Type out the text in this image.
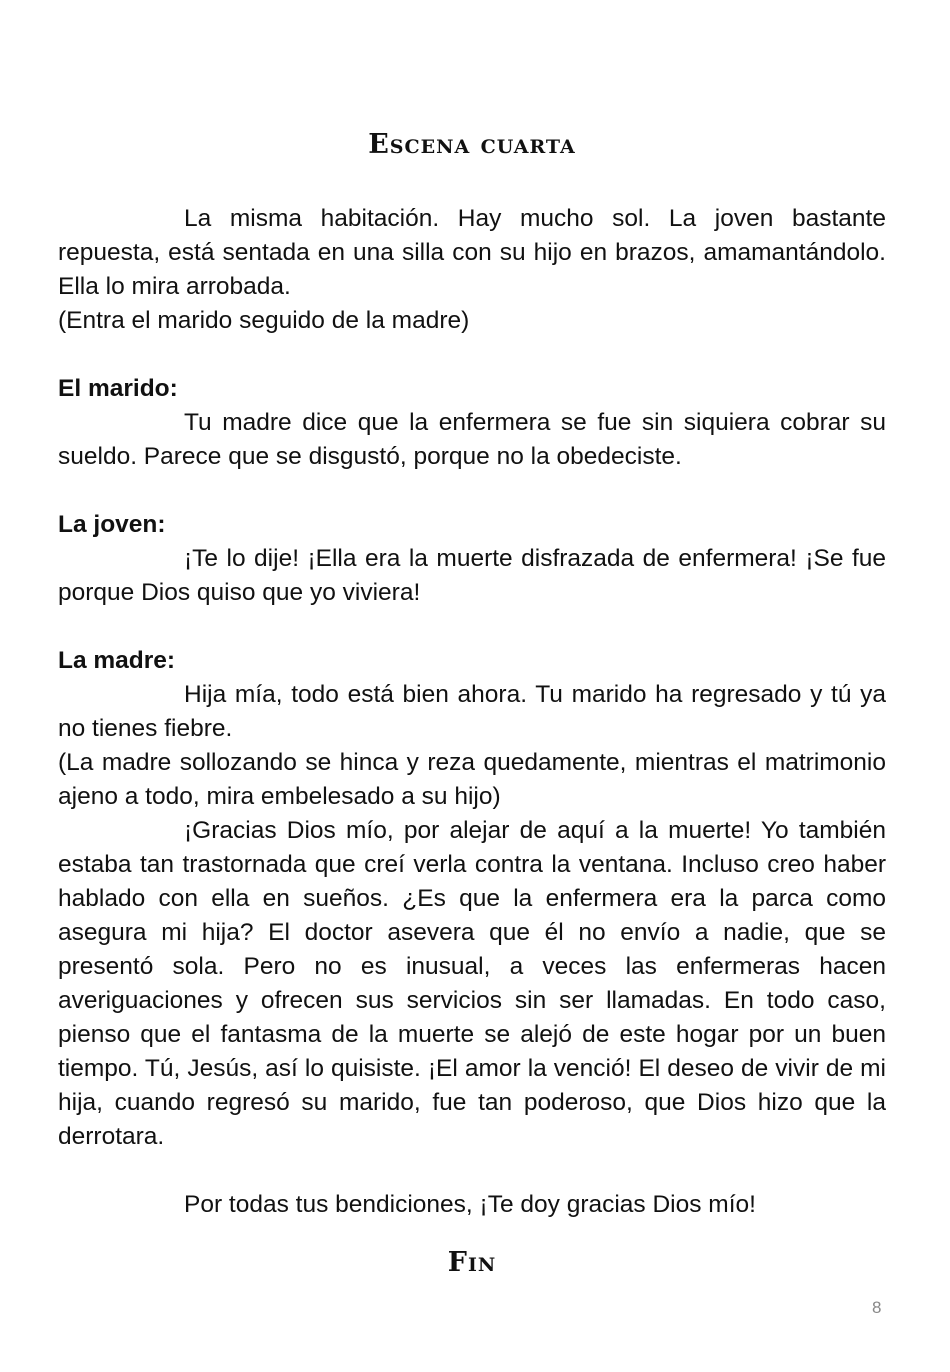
Escena cuarta

La misma habitación. Hay mucho sol. La joven bastante repuesta, está sentada en una silla con su hijo en brazos, amamantándolo. Ella lo mira arrobada.

(Entra el marido seguido de la madre)

El marido:

Tu madre dice que la enfermera se fue sin siquiera cobrar su sueldo. Parece que se disgustó, porque no la obedeciste.

La joven:

¡Te lo dije! ¡Ella era la muerte disfrazada de enfermera! ¡Se fue porque Dios quiso que yo viviera!

La madre:

Hija mía, todo está bien ahora. Tu marido ha regresado y tú ya no tienes fiebre.

(La madre sollozando se hinca y reza quedamente, mientras el matrimonio ajeno a todo, mira embelesado a su hijo)

¡Gracias Dios mío, por alejar de aquí a la muerte! Yo también estaba tan trastornada que creí verla contra la ventana. Incluso creo haber hablado con ella en sueños. ¿Es que la enfermera era la parca como asegura mi hija? El doctor asevera que él no envío a nadie, que se presentó sola. Pero no es inusual, a veces las enfermeras hacen averiguaciones y ofrecen sus servicios sin ser llamadas. En todo caso, pienso que el fantasma de la muerte se alejó de este hogar por un buen tiempo. Tú, Jesús, así lo quisiste. ¡El amor la venció! El deseo de vivir de mi hija, cuando regresó su marido, fue tan poderoso, que Dios hizo que la derrotara.

Por todas tus bendiciones, ¡Te doy gracias Dios mío!

Fin
8
